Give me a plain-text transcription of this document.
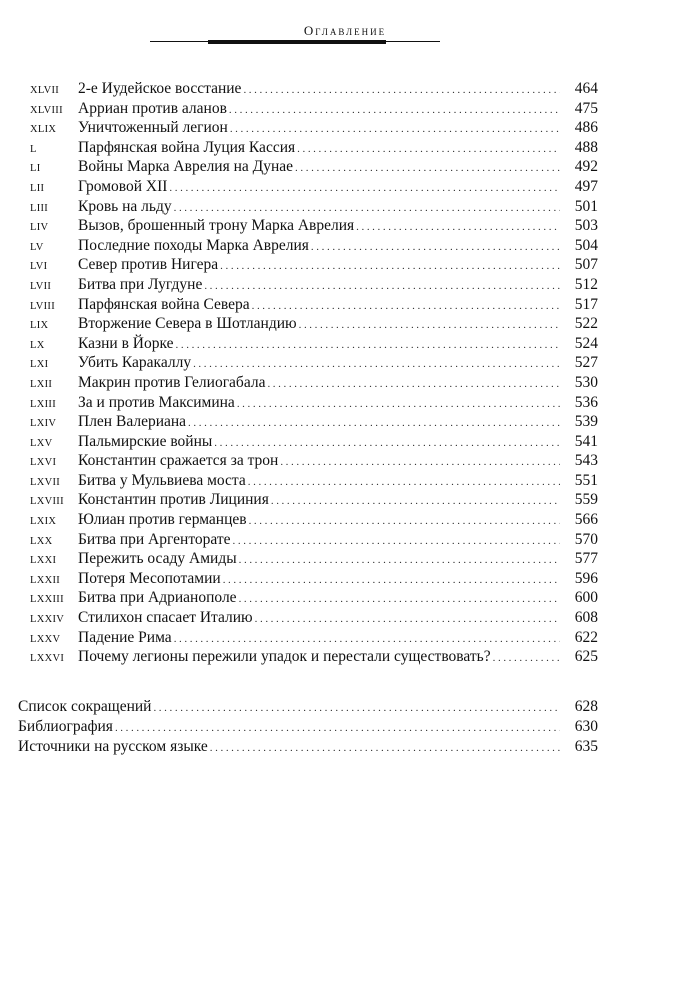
Оглавление
XLVII	2-е Иудейское восстание .....	464
XLVIII Арриан против аланов .....	475
XLIX	Уничтоженный легион .....	486
L	Парфянская война Луция Кассия .....	488
LI	Войны Марка Аврелия на Дунае .....	492
LII	Громовой XII .....	497
LIII	Кровь на льду .....	501
LIV	Вызов, брошенный трону Марка Аврелия .....	503
LV	Последние походы Марка Аврелия .....	504
LVI	Север против Нигера .....	507
LVII	Битва при Лугдуне .....	512
LVIII	Парфянская война Севера .....	517
LIX	Вторжение Севера в Шотландию .....	522
LX	Казни в Йорке .....	524
LXI	Убить Каракаллу .....	527
LXII	Макрин против Гелиогабала .....	530
LXIII	За и против Максимина .....	536
LXIV	Плен Валериана .....	539
LXV	Пальмирские войны .....	541
LXVI	Константин сражается за трон .....	543
LXVII	Битва у Мульвиева моста .....	551
LXVIII Константин против Лициния .....	559
LXIX	Юлиан против германцев .....	566
LXX	Битва при Аргенторате .....	570
LXXI	Пережить осаду Амиды .....	577
LXXII	Потеря Месопотамии .....	596
LXXIII Битва при Адрианополе .....	600
LXXIV Стилихон спасает Италию .....	608
LXXV	Падение Рима .....	622
LXXVI Почему легионы пережили упадок и перестали существовать? .....	625
Список сокращений .....	628
Библиография .....	630
Источники на русском языке .....	635
